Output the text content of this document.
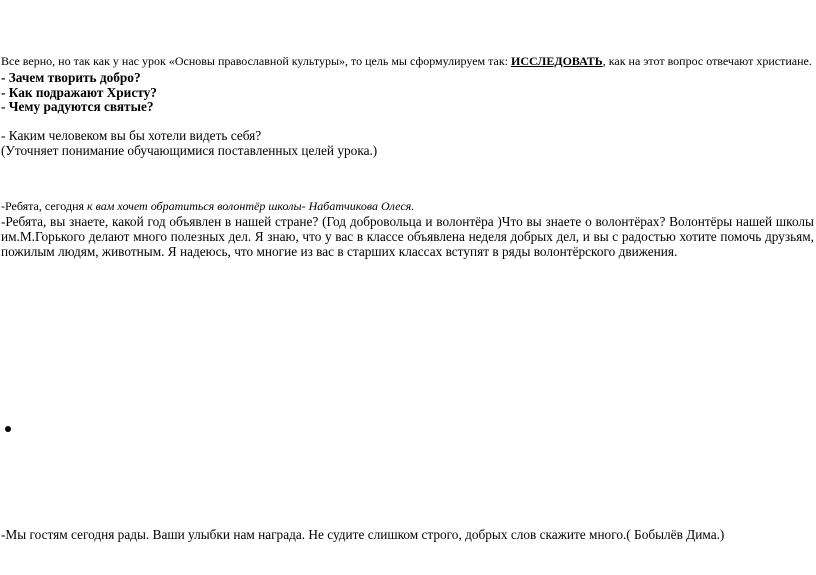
Все верно, но так как у нас урок «Основы православной культуры», то цель мы сформулируем так: ИССЛЕДОВАТЬ, как на этот вопрос отвечают христиане.
- Зачем творить добро?
- Как подражают Христу?
- Чему радуются святые?
- Каким человеком вы бы хотели видеть себя?
(Уточняет понимание обучающимися поставленных целей урока.)
-Ребята, сегодня к вам хочет обратиться волонтёр школы- Набатчикова Олеся.
-Ребята, вы знаете, какой год объявлен в нашей стране? (Год добровольца и волонтёра )Что вы знаете о волонтёрах? Волонтёры нашей школы
им.М.Горького делают много полезных дел. Я знаю, что у вас в классе объявлена неделя добрых дел, и вы с радостью хотите помочь друзьям,
пожилым людям, животным. Я надеюсь, что многие из вас в старших классах вступят в ряды волонтёрского движения.
-Мы гостям сегодня рады. Ваши улыбки нам награда. Не судите слишком строго, добрых слов скажите много.( Бобылёв Дима.)
